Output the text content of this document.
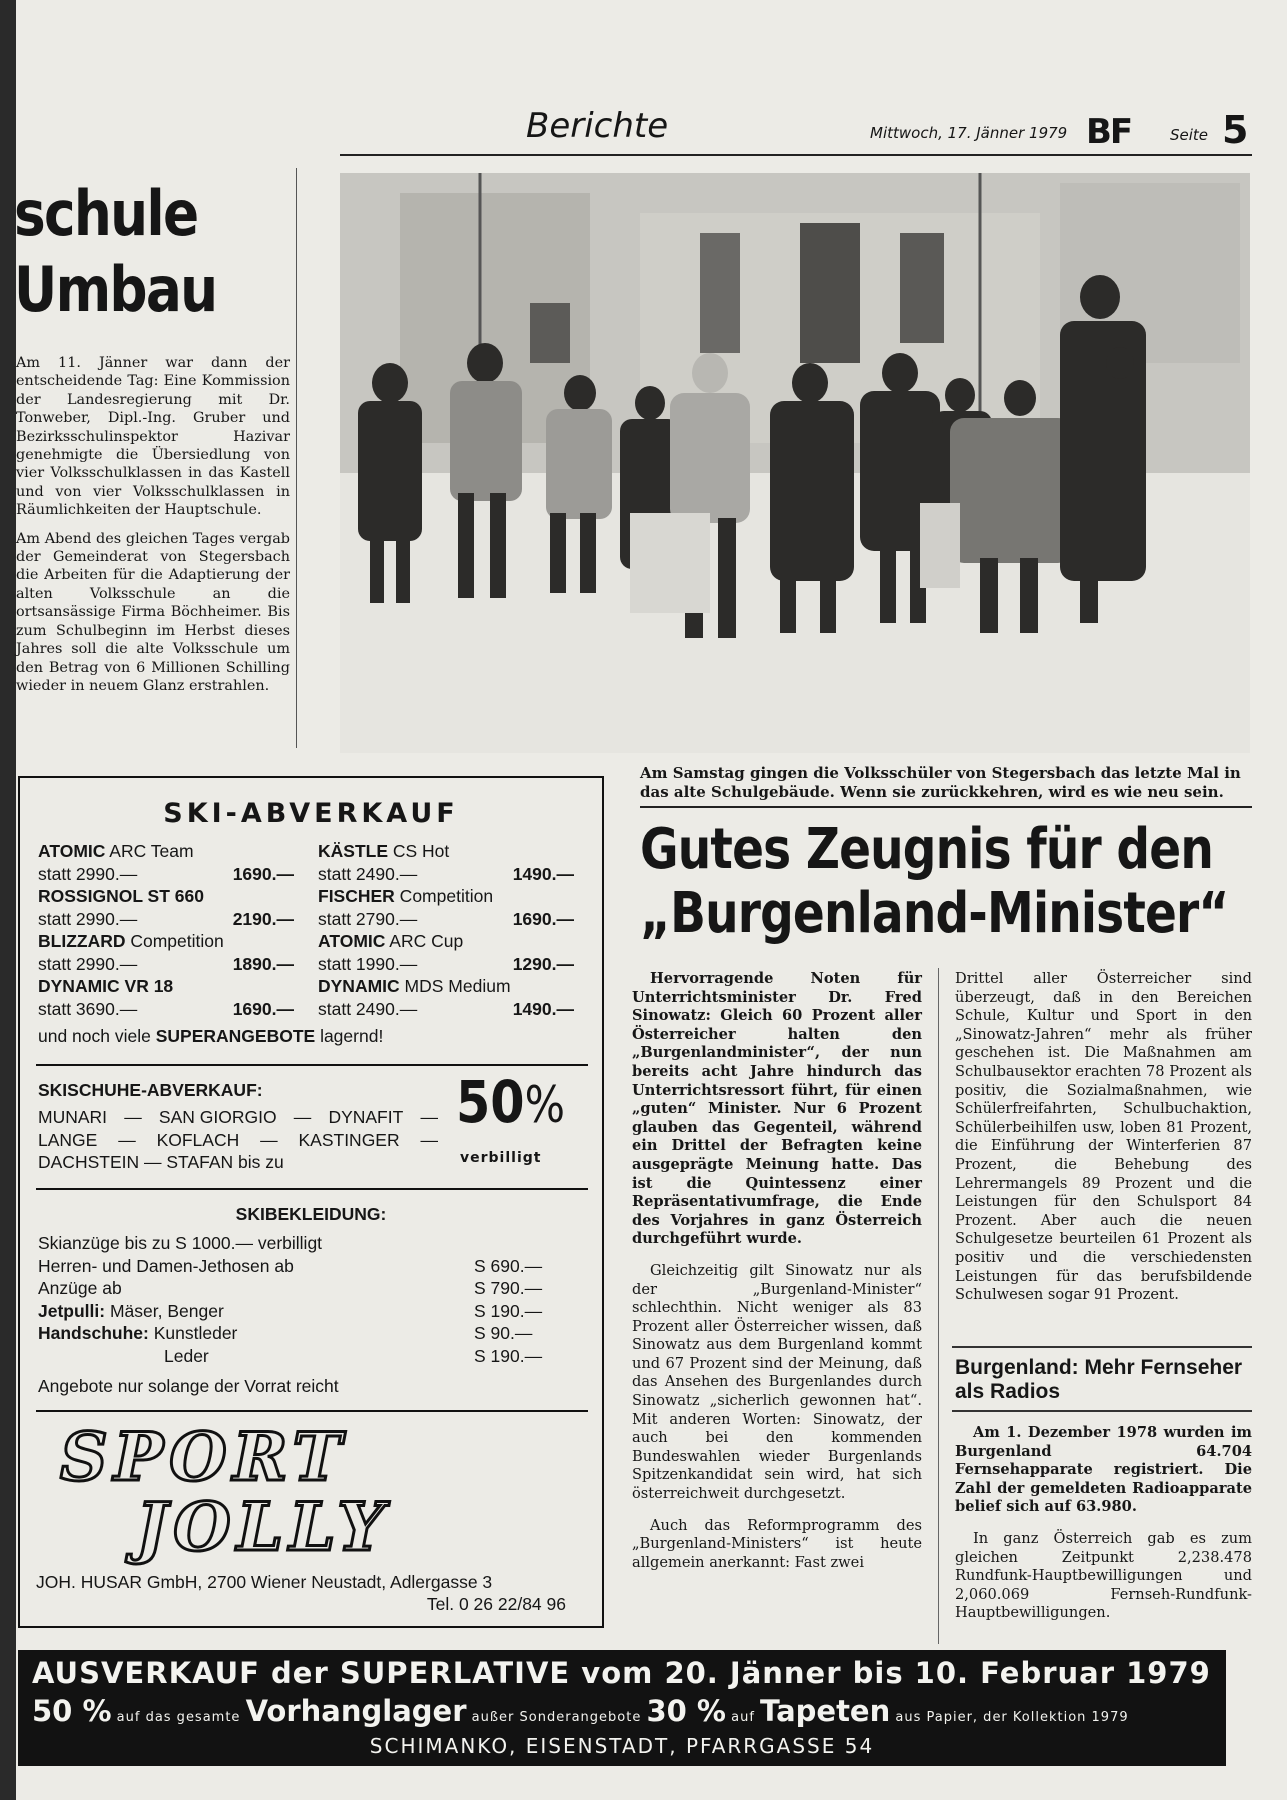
Berichte	Mittwoch, 17. Jänner 1979 BF	Seite 5
schule
Umbau

Am 11. Jänner war dann der entscheidende Tag: Eine Kommission der Landesregierung mit Dr. Tonweber, Dipl.-Ing. Gruber und Bezirksschulinspektor Hazivar genehmigte die Übersiedlung von vier Volksschulklassen in das Kastell und von vier Volksschulklassen in Räumlichkeiten der Hauptschule.

Am Abend des gleichen Tages vergab der Gemeinderat von Stegersbach die Arbeiten für die Adaptierung der alten Volksschule an die ortsansässige Firma Böchheimer. Bis zum Schulbeginn im Herbst dieses Jahres soll die alte Volksschule um den Betrag von 6 Millionen Schilling wieder in neuem Glanz erstrahlen.

Am Samstag gingen die Volksschüler von Stegersbach das letzte Mal in das alte Schulgebäude. Wenn sie zurückkehren, wird es wie neu sein.
SKI-ABVERKAUF
ATOMIC ARC Team
statt 2990.—	1690.—
ROSSIGNOL ST 660
statt 2990.—	2190.—
BLIZZARD Competition
statt 2990.—	1890.—
DYNAMIC VR 18
statt 3690.—	1690.—
KÄSTLE CS Hot
statt 2490.—	1490.—
FISCHER Competition
statt 2790.—	1690.—
ATOMIC ARC Cup
statt 1990.—	1290.—
DYNAMIC MDS Medium
statt 2490.—	1490.—
und noch viele SUPERANGEBOTE lagernd!
SKISCHUHE-ABVERKAUF:
MUNARI — SAN GIORGIO — DYNAFIT —
LANGE — KOFLACH — KASTINGER —
DACHSTEIN — STAFAN bis zu
50%
verbilligt
SKIBEKLEIDUNG:
Skianzüge bis zu S 1000.— verbilligt
Herren- und Damen-Jethosen ab	S 690.—
Anzüge ab	S 790.—
Jetpulli: Mäser, Benger	S 190.—
Handschuhe: Kunstleder	S 90.—
Leder	S 190.—
Angebote nur solange der Vorrat reicht
SPORT
JOLLY
JOH. HUSAR GmbH, 2700 Wiener Neustadt, Adlergasse 3
Tel. 0 26 22/84 96
Gutes Zeugnis für den
„Burgenland-Minister“

Hervorragende Noten für Unterrichtsminister Dr. Fred Sinowatz: Gleich 60 Prozent aller Österreicher halten den „Burgenlandminister“, der nun bereits acht Jahre hindurch das Unterrichtsressort führt, für einen „guten“ Minister. Nur 6 Prozent glauben das Gegenteil, während ein Drittel der Befragten keine ausgeprägte Meinung hatte. Das ist die Quintessenz einer Repräsentativumfrage, die Ende des Vorjahres in ganz Österreich durchgeführt wurde.

Gleichzeitig gilt Sinowatz nur als der „Burgenland-Minister“ schlechthin. Nicht weniger als 83 Prozent aller Österreicher wissen, daß Sinowatz aus dem Burgenland kommt und 67 Prozent sind der Meinung, daß das Ansehen des Burgenlandes durch Sinowatz „sicherlich gewonnen hat“. Mit anderen Worten: Sinowatz, der auch bei den kommenden Bundeswahlen wieder Burgenlands Spitzenkandidat sein wird, hat sich österreichweit durchgesetzt.

Auch das Reformprogramm des „Burgenland-Ministers“ ist heute allgemein anerkannt: Fast zwei

Drittel aller Österreicher sind überzeugt, daß in den Bereichen Schule, Kultur und Sport in den „Sinowatz-Jahren“ mehr als früher geschehen ist. Die Maßnahmen am Schulbausektor erachten 78 Prozent als positiv, die Sozialmaßnahmen, wie Schülerfreifahrten, Schulbuchaktion, Schülerbeihilfen usw, loben 81 Prozent, die Einführung der Winterferien 87 Prozent, die Behebung des Lehrermangels 89 Prozent und die Leistungen für den Schulsport 84 Prozent. Aber auch die neuen Schulgesetze beurteilen 61 Prozent als positiv und die verschiedensten Leistungen für das berufsbildende Schulwesen sogar 91 Prozent.

Burgenland: Mehr Fernseher als Radios

Am 1. Dezember 1978 wurden im Burgenland 64.704 Fernsehapparate registriert. Die Zahl der gemeldeten Radioapparate belief sich auf 63.980.

In ganz Österreich gab es zum gleichen Zeitpunkt 2,238.478 Rundfunk-Hauptbewilligungen und 2,060.069 Fernseh-Rundfunk-Hauptbewilligungen.

AUSVERKAUF der SUPERLATIVE vom 20. Jänner bis 10. Februar 1979
50 % auf das gesamte Vorhanglager außer Sonderangebote 30 % auf Tapeten aus Papier, der Kollektion 1979
SCHIMANKO, EISENSTADT, PFARRGASSE 54
